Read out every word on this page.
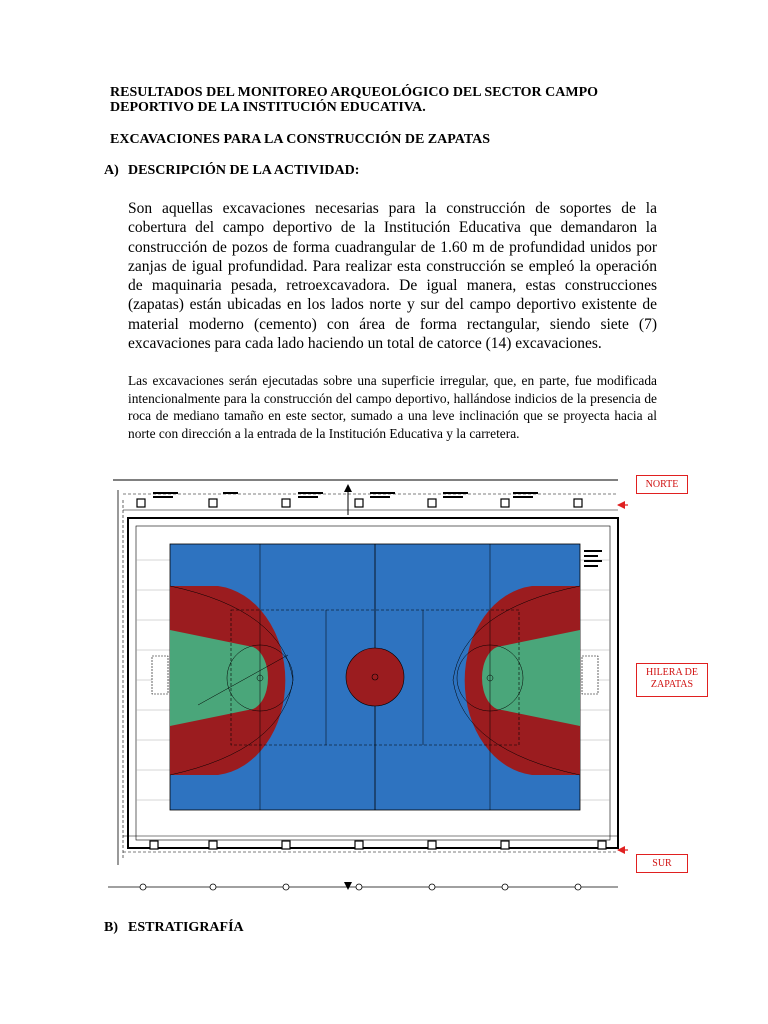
RESULTADOS DEL MONITOREO ARQUEOLÓGICO DEL SECTOR CAMPO DEPORTIVO DE LA INSTITUCIÓN EDUCATIVA.
EXCAVACIONES PARA LA CONSTRUCCIÓN DE ZAPATAS
A) DESCRIPCIÓN DE LA ACTIVIDAD:
Son aquellas excavaciones necesarias para la construcción de soportes de la cobertura del campo deportivo de la Institución Educativa que demandaron la construcción de pozos de forma cuadrangular de 1.60 m de profundidad unidos por zanjas de igual profundidad. Para realizar esta construcción se empleó la operación de maquinaria pesada, retroexcavadora. De igual manera, estas construcciones (zapatas) están ubicadas en los lados norte y sur del campo deportivo existente de material moderno (cemento) con área de forma rectangular, siendo siete (7) excavaciones para cada lado haciendo un total de catorce (14) excavaciones.
Las excavaciones serán ejecutadas sobre una superficie irregular, que, en parte, fue modificada intencionalmente para la construcción del campo deportivo, hallándose indicios de la presencia de roca de mediano tamaño en este sector, sumado a una leve inclinación que se proyecta hacia al norte con dirección a la entrada de la Institución Educativa y la carretera.
NORTE
HILERA DE ZAPATAS
SUR
B) ESTRATIGRAFÍA
